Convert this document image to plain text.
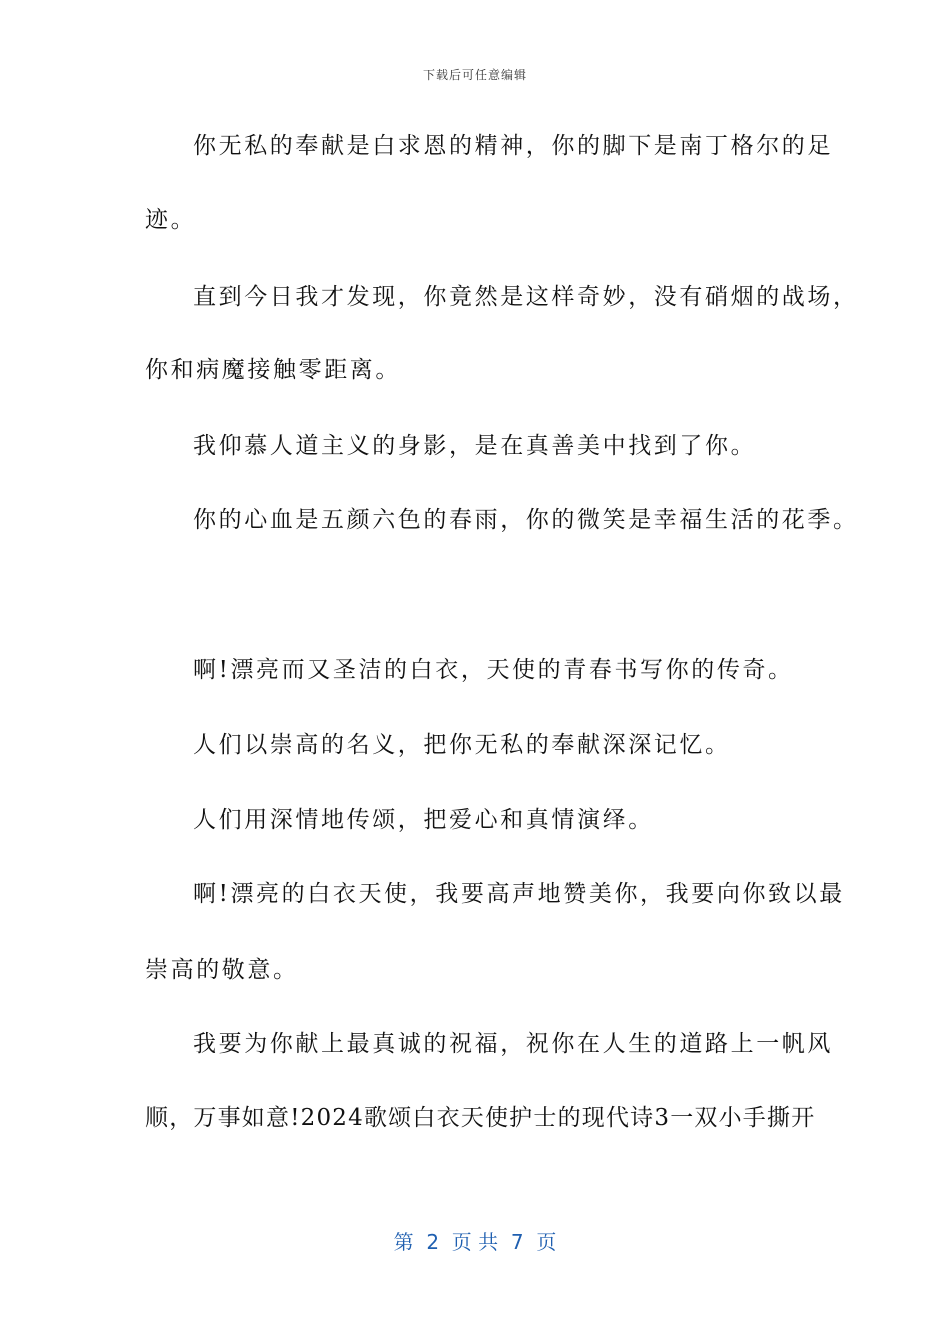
下载后可任意编辑
你无私的奉献是白求恩的精神，你的脚下是南丁格尔的足
迹。
直到今日我才发现，你竟然是这样奇妙，没有硝烟的战场，
你和病魔接触零距离。
我仰慕人道主义的身影，是在真善美中找到了你。
你的心血是五颜六色的春雨，你的微笑是幸福生活的花季。
啊!漂亮而又圣洁的白衣，天使的青春书写你的传奇。
人们以崇高的名义，把你无私的奉献深深记忆。
人们用深情地传颂，把爱心和真情演绎。
啊!漂亮的白衣天使，我要高声地赞美你，我要向你致以最
崇高的敬意。
我要为你献上最真诚的祝福，祝你在人生的道路上一帆风
顺，万事如意!2024歌颂白衣天使护士的现代诗3一双小手撕开
第  2  页 共  7  页
